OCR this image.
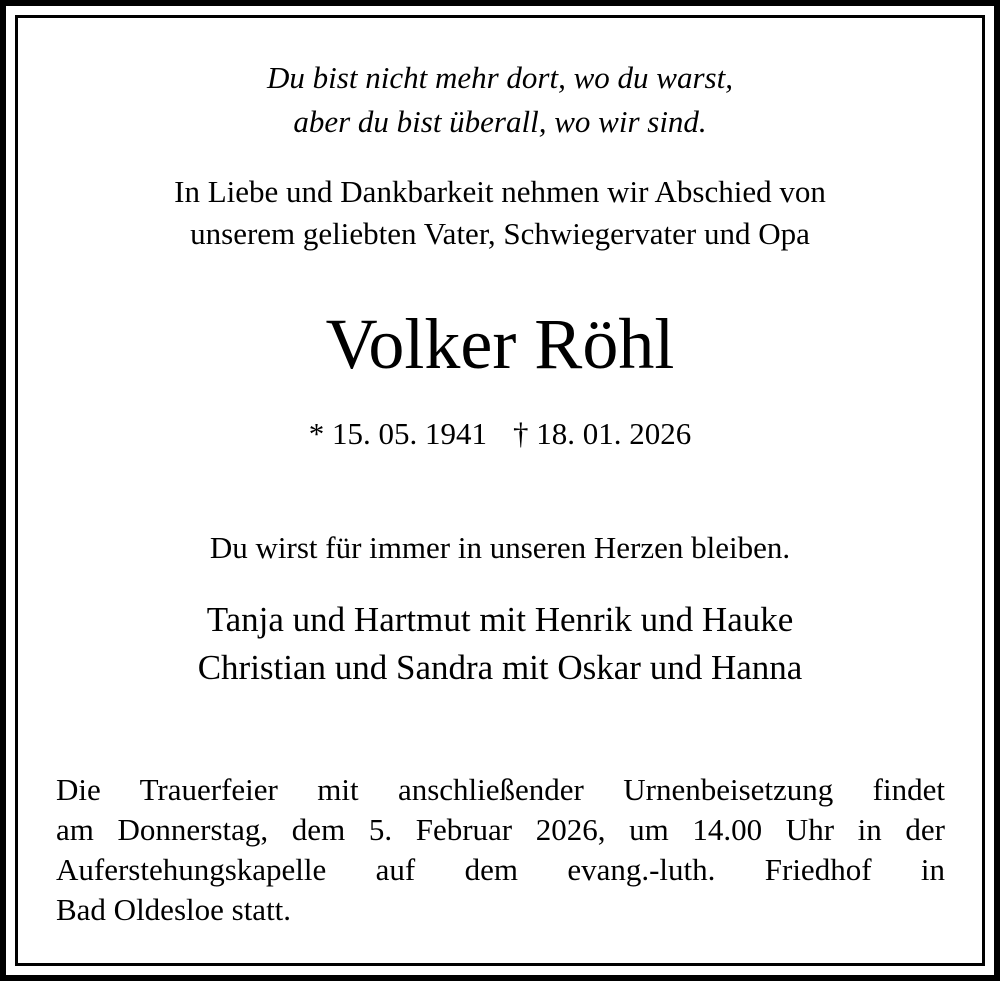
Du bist nicht mehr dort, wo du warst,
aber du bist überall, wo wir sind.
In Liebe und Dankbarkeit nehmen wir Abschied von
unserem geliebten Vater, Schwiegervater und Opa
Volker Röhl
* 15. 05. 1941 † 18. 01. 2026
Du wirst für immer in unseren Herzen bleiben.
Tanja und Hartmut mit Henrik und Hauke
Christian und Sandra mit Oskar und Hanna
Die Trauerfeier mit anschließender Urnenbeisetzung findet
am Donnerstag, dem 5. Februar 2026, um 14.00 Uhr in der
Auferstehungskapelle auf dem evang.-luth. Friedhof in
Bad Oldesloe statt.
